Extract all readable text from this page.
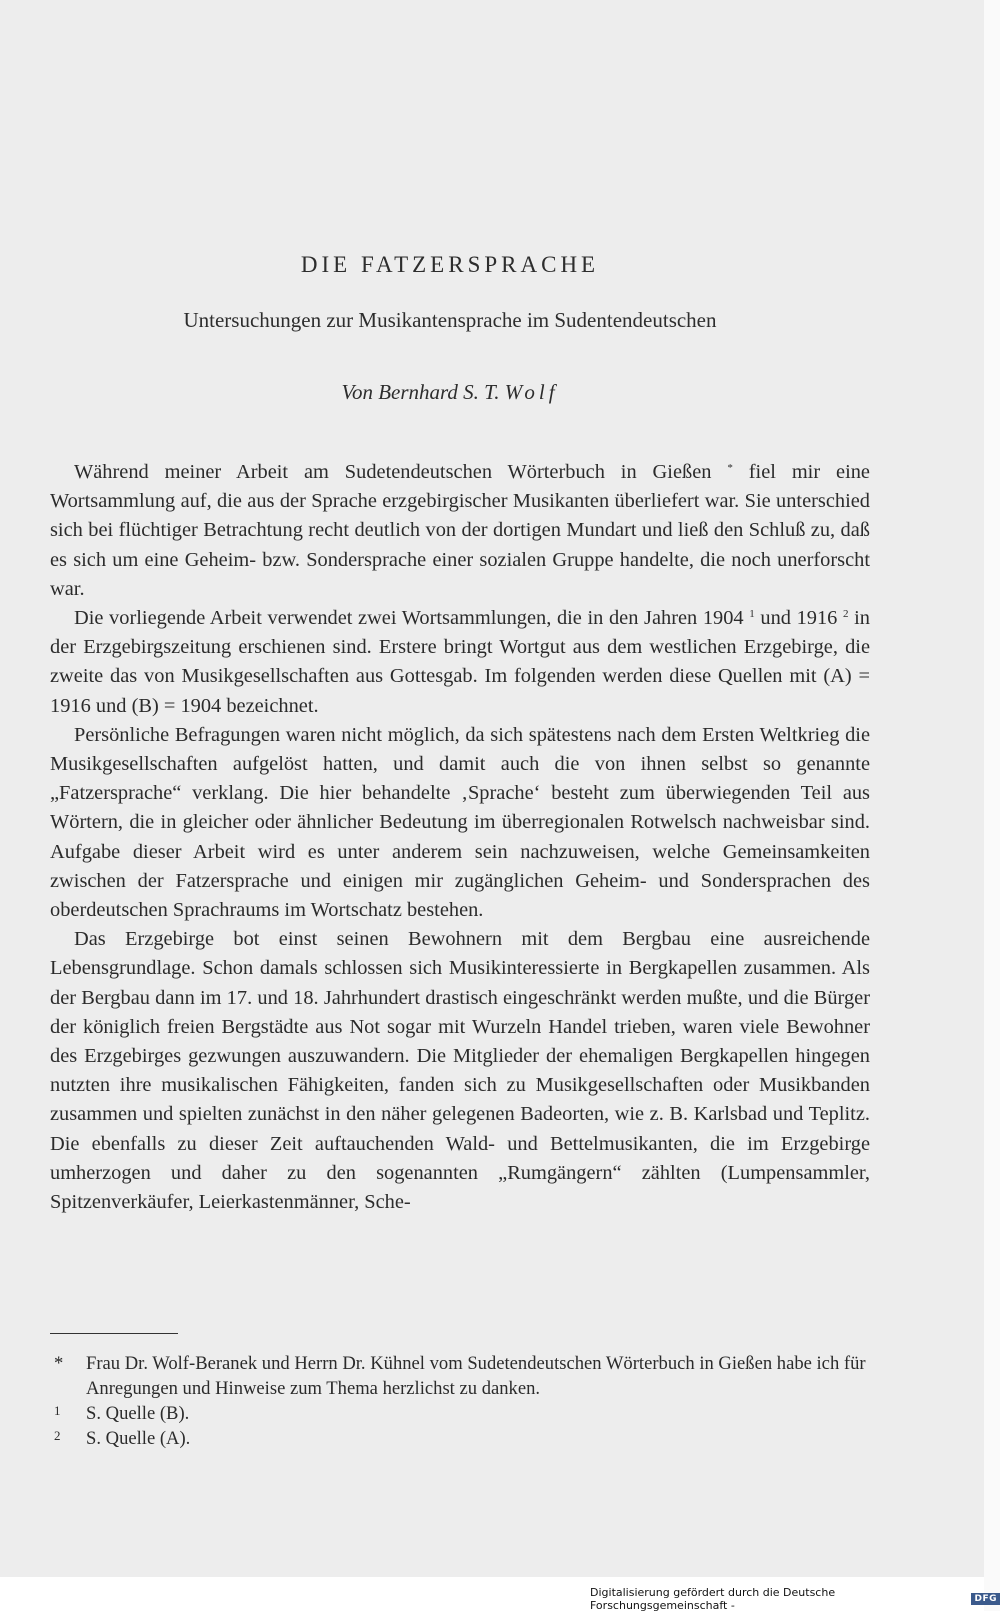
DIE FATZERSPRACHE
Untersuchungen zur Musikantensprache im Sudentendeutschen
Von Bernhard S. T. Wolf

Während meiner Arbeit am Sudetendeutschen Wörterbuch in Gießen * fiel mir eine Wortsammlung auf, die aus der Sprache erzgebirgischer Musikanten überliefert war. Sie unterschied sich bei flüchtiger Betrachtung recht deutlich von der dortigen Mundart und ließ den Schluß zu, daß es sich um eine Geheim- bzw. Sondersprache einer sozialen Gruppe handelte, die noch unerforscht war.

Die vorliegende Arbeit verwendet zwei Wortsammlungen, die in den Jahren 1904 $^1$ und 1916 $^2$ in der Erzgebirgszeitung erschienen sind. Erstere bringt Wortgut aus dem westlichen Erzgebirge, die zweite das von Musikgesellschaften aus Gottesgab. Im folgenden werden diese Quellen mit (A) = 1916 und (B) = 1904 bezeichnet.

Persönliche Befragungen waren nicht möglich, da sich spätestens nach dem Ersten Weltkrieg die Musikgesellschaften aufgelöst hatten, und damit auch die von ihnen selbst so genannte „Fatzersprache“ verklang. Die hier behandelte ‚Sprache‘ besteht zum überwiegenden Teil aus Wörtern, die in gleicher oder ähnlicher Bedeutung im überregionalen Rotwelsch nachweisbar sind. Aufgabe dieser Arbeit wird es unter anderem sein nachzuweisen, welche Gemeinsamkeiten zwischen der Fatzersprache und einigen mir zugänglichen Geheim- und Sondersprachen des oberdeutschen Sprachraums im Wortschatz bestehen.

Das Erzgebirge bot einst seinen Bewohnern mit dem Bergbau eine ausreichende Lebensgrundlage. Schon damals schlossen sich Musikinteressierte in Bergkapellen zusammen. Als der Bergbau dann im 17. und 18. Jahrhundert drastisch eingeschränkt werden mußte, und die Bürger der königlich freien Bergstädte aus Not sogar mit Wurzeln Handel trieben, waren viele Bewohner des Erzgebirges gezwungen auszuwandern. Die Mitglieder der ehemaligen Bergkapellen hingegen nutzten ihre musikalischen Fähigkeiten, fanden sich zu Musikgesellschaften oder Musikbanden zusammen und spielten zunächst in den näher gelegenen Badeorten, wie z. B. Karlsbad und Teplitz. Die ebenfalls zu dieser Zeit auftauchenden Wald- und Bettelmusikanten, die im Erzgebirge umherzogen und daher zu den sogenannten „Rumgängern“ zählten (Lumpensammler, Spitzenverkäufer, Leierkastenmänner, Sche-

*	Frau Dr. Wolf-Beranek und Herrn Dr. Kühnel vom Sudetendeutschen Wörterbuch in Gießen habe ich für Anregungen und Hinweise zum Thema herzlichst zu danken.
1	S. Quelle (B).
2	S. Quelle (A).
Digitalisierung gefördert durch die Deutsche Forschungsgemeinschaft -	DFG
